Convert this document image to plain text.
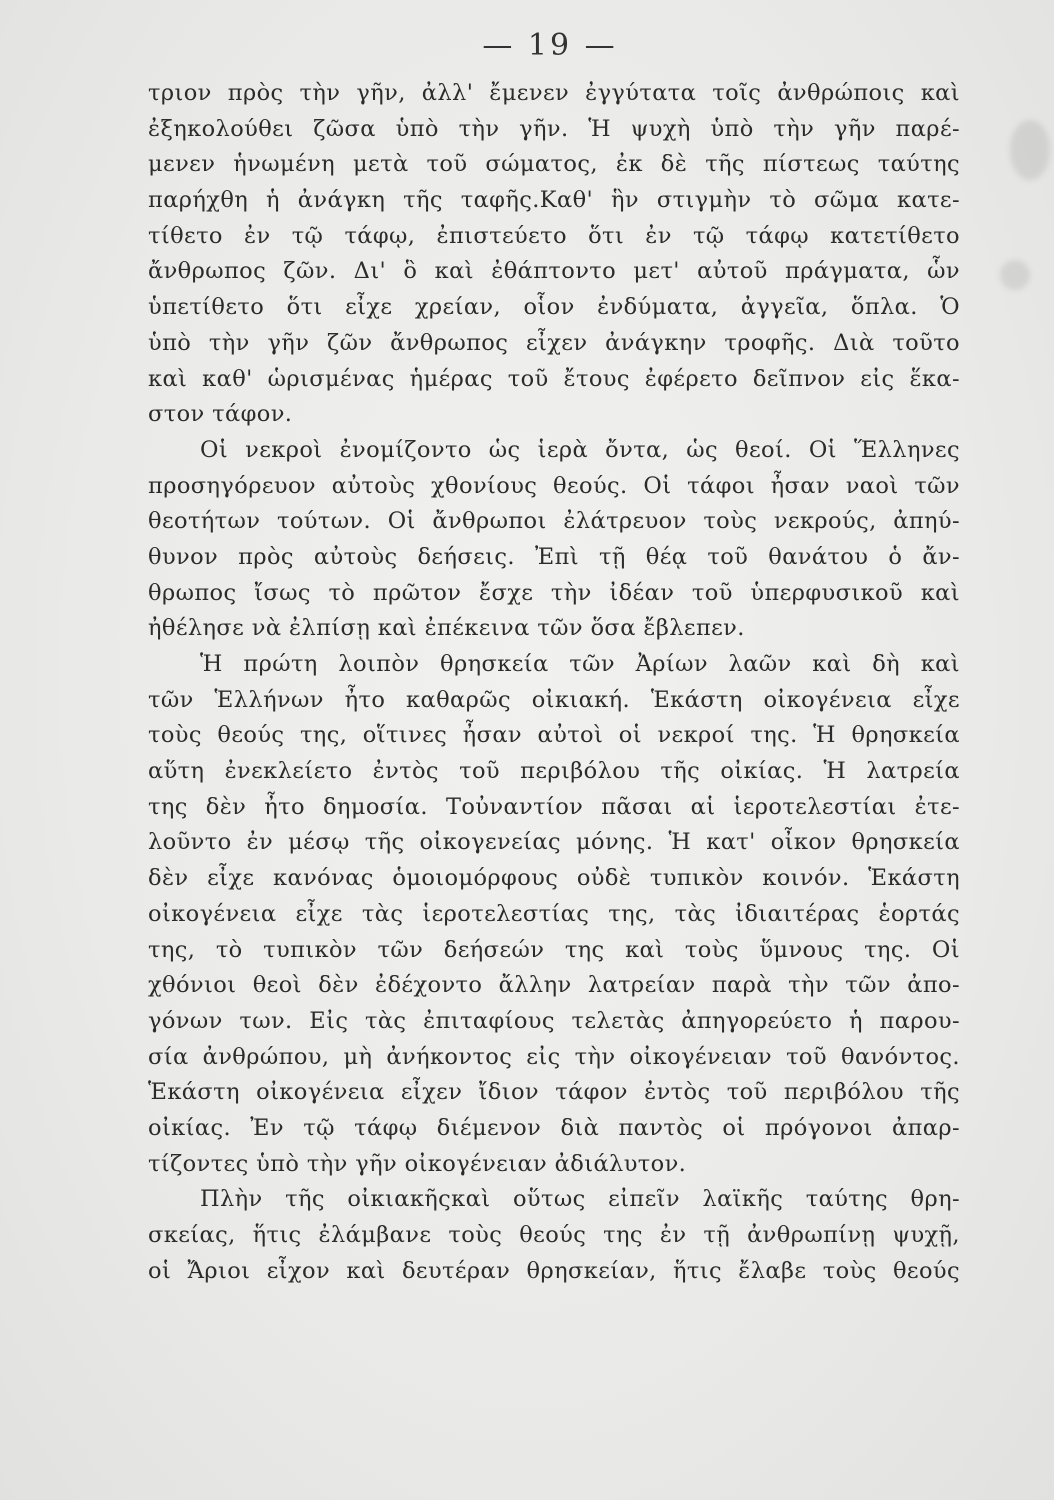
— 19 —
τριον πρὸς τὴν γῆν, ἀλλ' ἔμενεν ἐγγύτατα τοῖς ἀνθρώποις καὶ
ἐξηκολούθει ζῶσα ὑπὸ τὴν γῆν. Ἡ ψυχὴ ὑπὸ τὴν γῆν παρέ-
μενεν ἡνωμένη μετὰ τοῦ σώματος, ἐκ δὲ τῆς πίστεως ταύτης
παρήχθη ἡ ἀνάγκη τῆς ταφῆς.Καθ' ἣν στιγμὴν τὸ σῶμα κατε-
τίθετο ἐν τῷ τάφῳ, ἐπιστεύετο ὅτι ἐν τῷ τάφῳ κατετίθετο
ἄνθρωπος ζῶν. Δι' ὃ καὶ ἐθάπτοντο μετ' αὐτοῦ πράγματα, ὧν
ὑπετίθετο ὅτι εἶχε χρείαν, οἷον ἐνδύματα, ἀγγεῖα, ὅπλα. Ὁ
ὑπὸ τὴν γῆν ζῶν ἄνθρωπος εἶχεν ἀνάγκην τροφῆς. Διὰ τοῦτο
καὶ καθ' ὡρισμένας ἡμέρας τοῦ ἔτους ἐφέρετο δεῖπνον εἰς ἕκα-
στον τάφον.
Οἱ νεκροὶ ἐνομίζοντο ὡς ἱερὰ ὄντα, ὡς θεοί. Οἱ Ἕλληνες
προσηγόρευον αὐτοὺς χθονίους θεούς. Οἱ τάφοι ἦσαν ναοὶ τῶν
θεοτήτων τούτων. Οἱ ἄνθρωποι ἐλάτρευον τοὺς νεκρούς, ἀπηύ-
θυνον πρὸς αὐτοὺς δεήσεις. Ἐπὶ τῇ θέᾳ τοῦ θανάτου ὁ ἄν-
θρωπος ἴσως τὸ πρῶτον ἔσχε τὴν ἰδέαν τοῦ ὑπερφυσικοῦ καὶ
ἠθέλησε νὰ ἐλπίσῃ καὶ ἐπέκεινα τῶν ὅσα ἔβλεπεν.
Ἡ πρώτη λοιπὸν θρησκεία τῶν Ἀρίων λαῶν καὶ δὴ καὶ
τῶν Ἑλλήνων ἦτο καθαρῶς οἰκιακή. Ἑκάστη οἰκογένεια εἶχε
τοὺς θεούς της, οἵτινες ἦσαν αὐτοὶ οἱ νεκροί της. Ἡ θρησκεία
αὕτη ἐνεκλείετο ἐντὸς τοῦ περιβόλου τῆς οἰκίας. Ἡ λατρεία
της δὲν ἦτο δημοσία. Τοὐναντίον πᾶσαι αἱ ἱεροτελεστίαι ἐτε-
λοῦντο ἐν μέσῳ τῆς οἰκογενείας μόνης. Ἡ κατ' οἶκον θρησκεία
δὲν εἶχε κανόνας ὁμοιομόρφους οὐδὲ τυπικὸν κοινόν. Ἑκάστη
οἰκογένεια εἶχε τὰς ἱεροτελεστίας της, τὰς ἰδιαιτέρας ἑορτάς
της, τὸ τυπικὸν τῶν δεήσεών της καὶ τοὺς ὕμνους της. Οἱ
χθόνιοι θεοὶ δὲν ἐδέχοντο ἄλλην λατρείαν παρὰ τὴν τῶν ἀπο-
γόνων των. Εἰς τὰς ἐπιταφίους τελετὰς ἀπηγορεύετο ἡ παρου-
σία ἀνθρώπου, μὴ ἀνήκοντος εἰς τὴν οἰκογένειαν τοῦ θανόντος.
Ἑκάστη οἰκογένεια εἶχεν ἴδιον τάφον ἐντὸς τοῦ περιβόλου τῆς
οἰκίας. Ἐν τῷ τάφῳ διέμενον διὰ παντὸς οἱ πρόγονοι ἀπαρ-
τίζοντες ὑπὸ τὴν γῆν οἰκογένειαν ἀδιάλυτον.
Πλὴν τῆς οἰκιακῆςκαὶ οὕτως εἰπεῖν λαϊκῆς ταύτης θρη-
σκείας, ἥτις ἐλάμβανε τοὺς θεούς της ἐν τῇ ἀνθρωπίνῃ ψυχῇ,
οἱ Ἄριοι εἶχον καὶ δευτέραν θρησκείαν, ἥτις ἔλαβε τοὺς θεούς
